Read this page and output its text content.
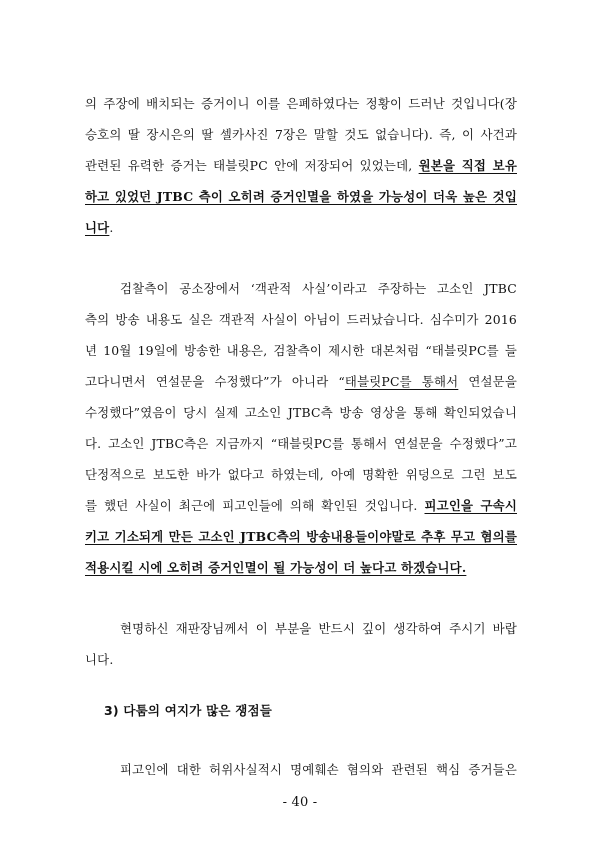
의 주장에 배치되는 증거이니 이를 은폐하였다는 정황이 드러난 것입니다(장
승호의 딸 장시은의 딸 셀카사진 7장은 말할 것도 없습니다). 즉, 이 사건과
관련된 유력한 증거는 태블릿PC 안에 저장되어 있었는데, 원본을 직접 보유
하고 있었던 JTBC 측이 오히려 증거인멸을 하였을 가능성이 더욱 높은 것입
니다.
검찰측이 공소장에서 ‘객관적 사실’이라고 주장하는 고소인 JTBC
측의 방송 내용도 실은 객관적 사실이 아님이 드러났습니다. 심수미가 2016
년 10월 19일에 방송한 내용은, 검찰측이 제시한 대본처럼 “태블릿PC를 들
고다니면서 연설문을 수정했다”가 아니라 “태블릿PC를 통해서 연설문을
수정했다”였음이 당시 실제 고소인 JTBC측 방송 영상을 통해 확인되었습니
다. 고소인 JTBC측은 지금까지 “태블릿PC를 통해서 연설문을 수정했다”고
단정적으로 보도한 바가 없다고 하였는데, 아예 명확한 위덩으로 그런 보도
를 했던 사실이 최근에 피고인들에 의해 확인된 것입니다. 피고인을 구속시
키고 기소되게 만든 고소인 JTBC측의 방송내용들이야말로 추후 무고 혐의를
적용시킬 시에 오히려 증거인멸이 될 가능성이 더 높다고 하겠습니다.
현명하신 재판장님께서 이 부분을 반드시 깊이 생각하여 주시기 바랍
니다.
3) 다툼의 여지가 많은 쟁점들
피고인에 대한 허위사실적시 명예훼손 혐의와 관련된 핵심 증거들은
- 40 -
